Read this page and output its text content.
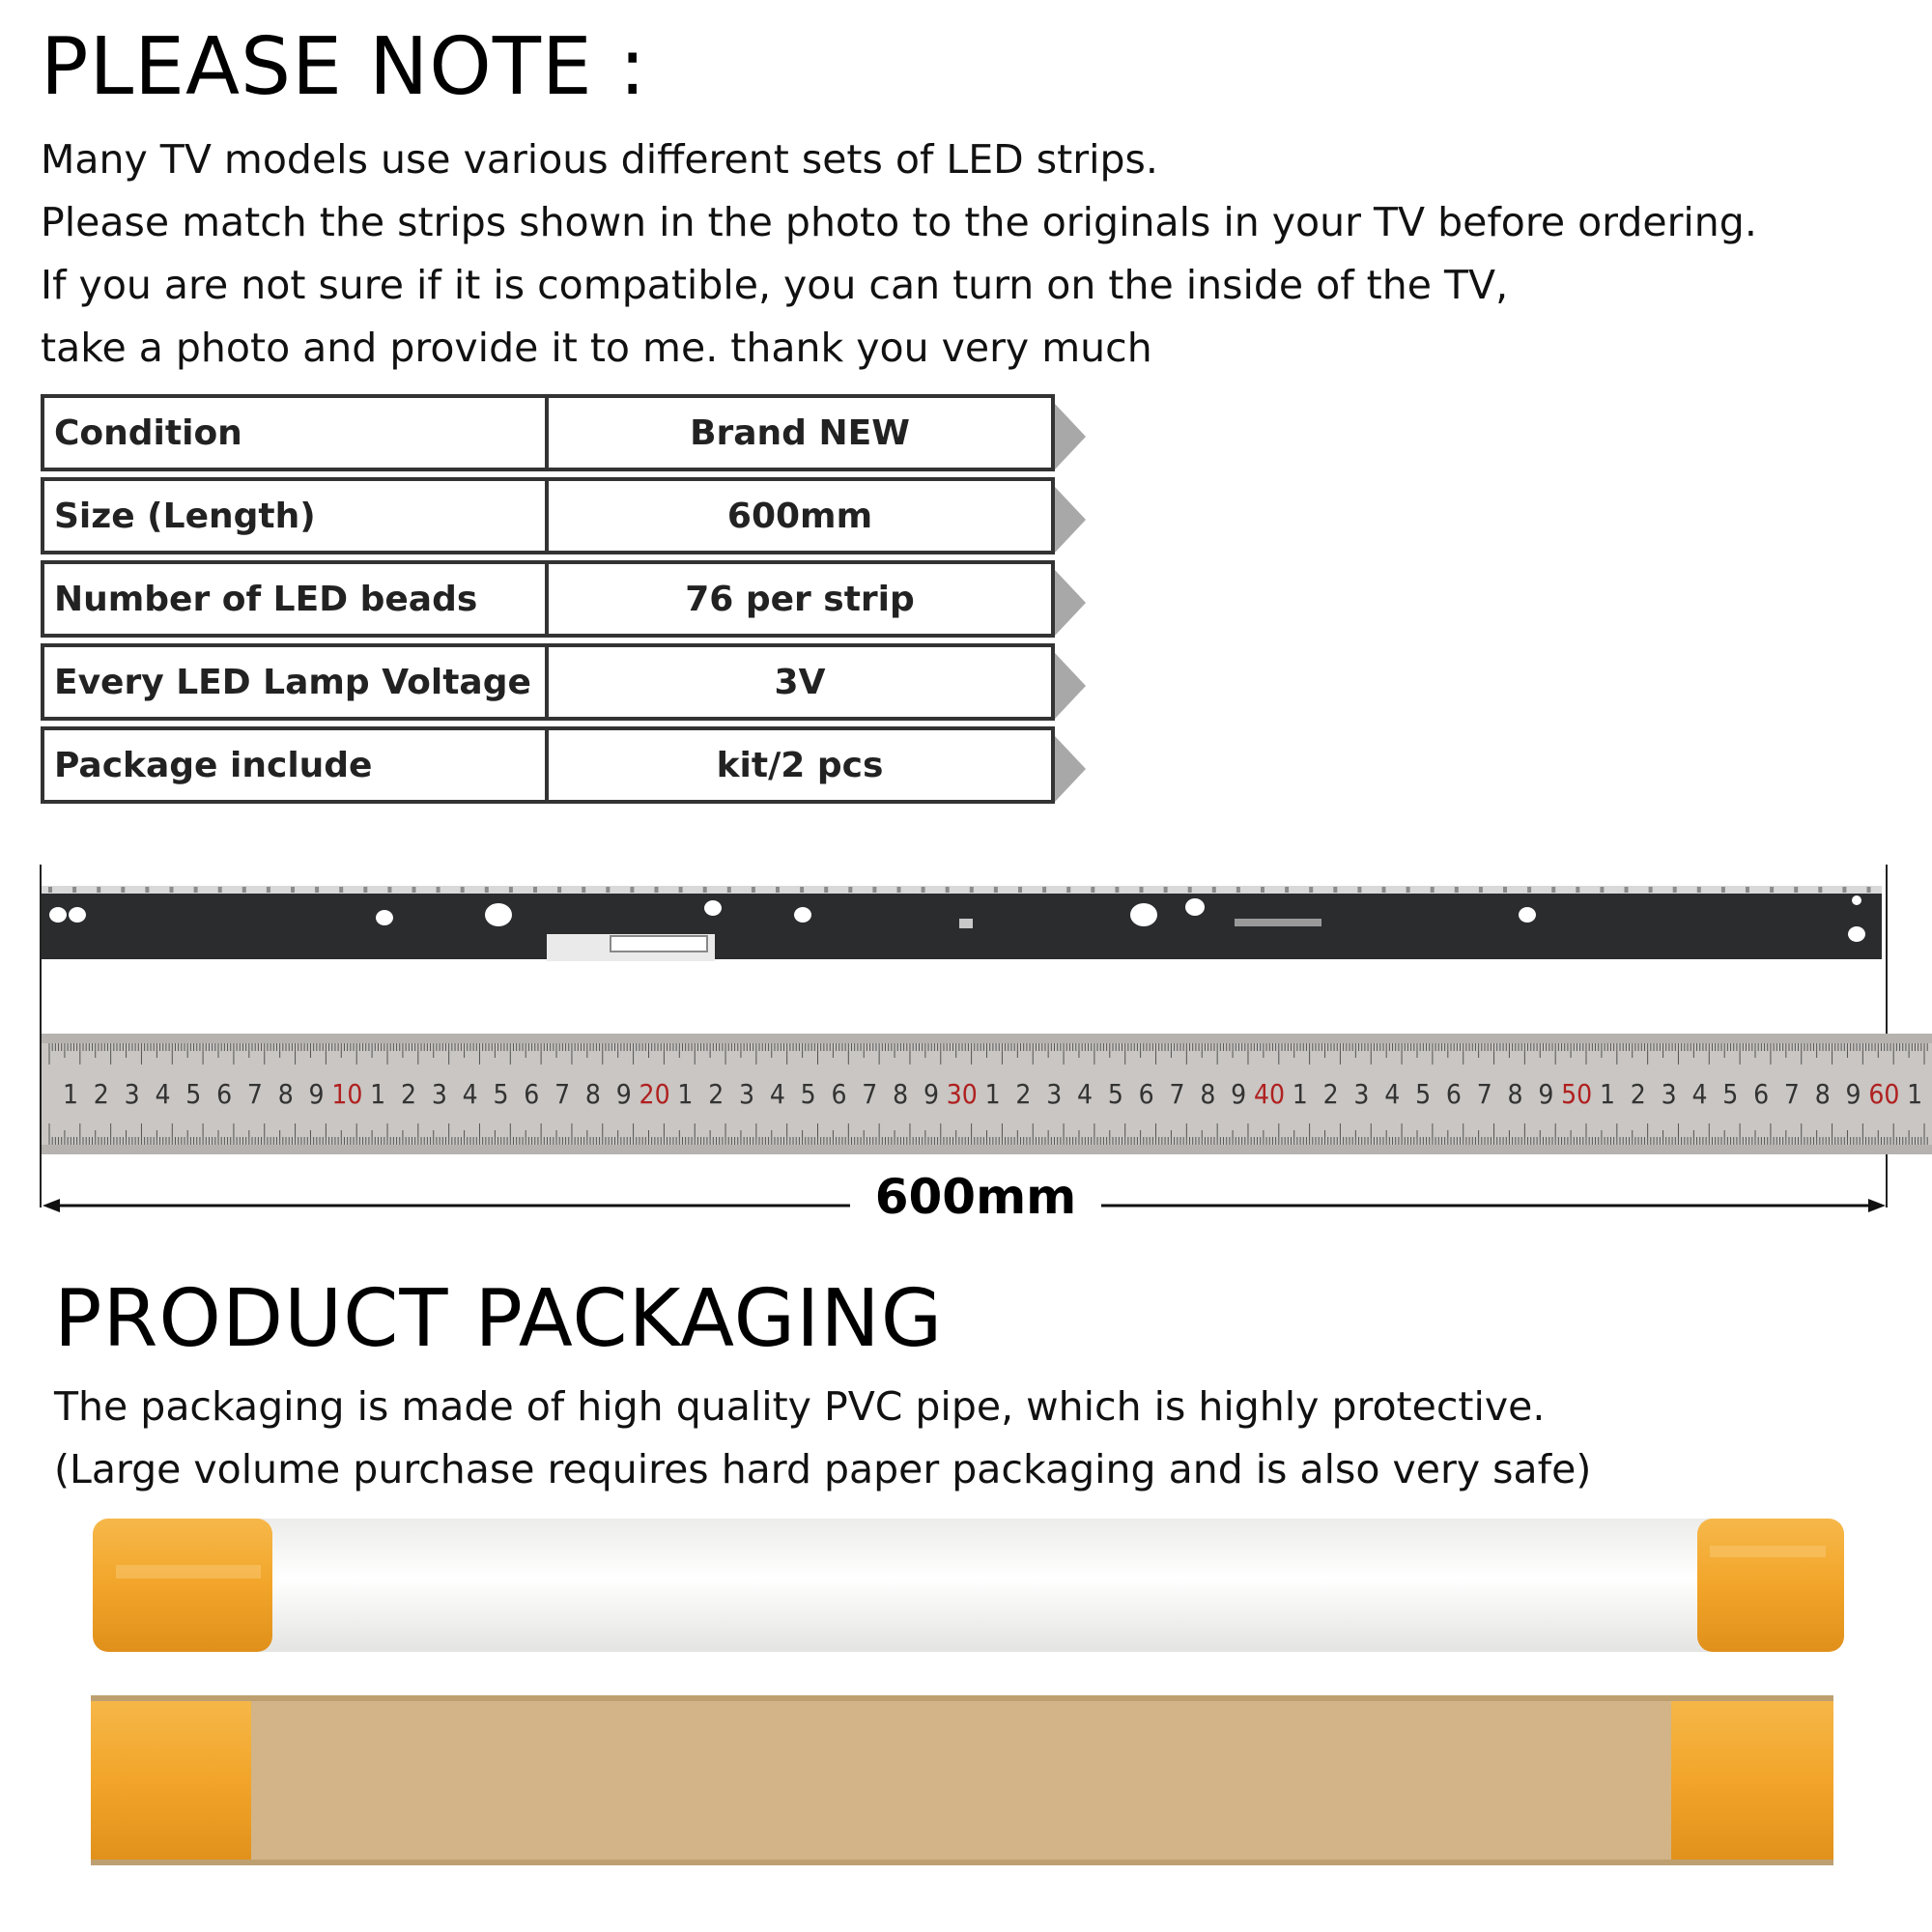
PLEASE NOTE :
Many TV models use various different sets of LED strips.
Please match the strips shown in the photo to the originals in your TV before ordering.
If you are not sure if it is compatible, you can turn on the inside of the TV,
take a photo and provide it to me. thank you very much
Condition	Brand NEW
Size (Length)	600mm
Number of LED beads	76 per strip
Every LED Lamp Voltage	3V
Package include	kit/2 pcs
1 2 3 4 5 6 7 8 9 10 1 2 3 4 5 6 7 8 9 20 1 2 3 4 5 6 7 8 9 30 1 2 3 4 5 6 7 8 9 40 1 2 3 4 5 6 7 8 9 50 1 2 3 4 5 6 7 8 9 60 1
600mm
PRODUCT PACKAGING
The packaging is made of high quality PVC pipe, which is highly protective.
(Large volume purchase requires hard paper packaging and is also very safe)
